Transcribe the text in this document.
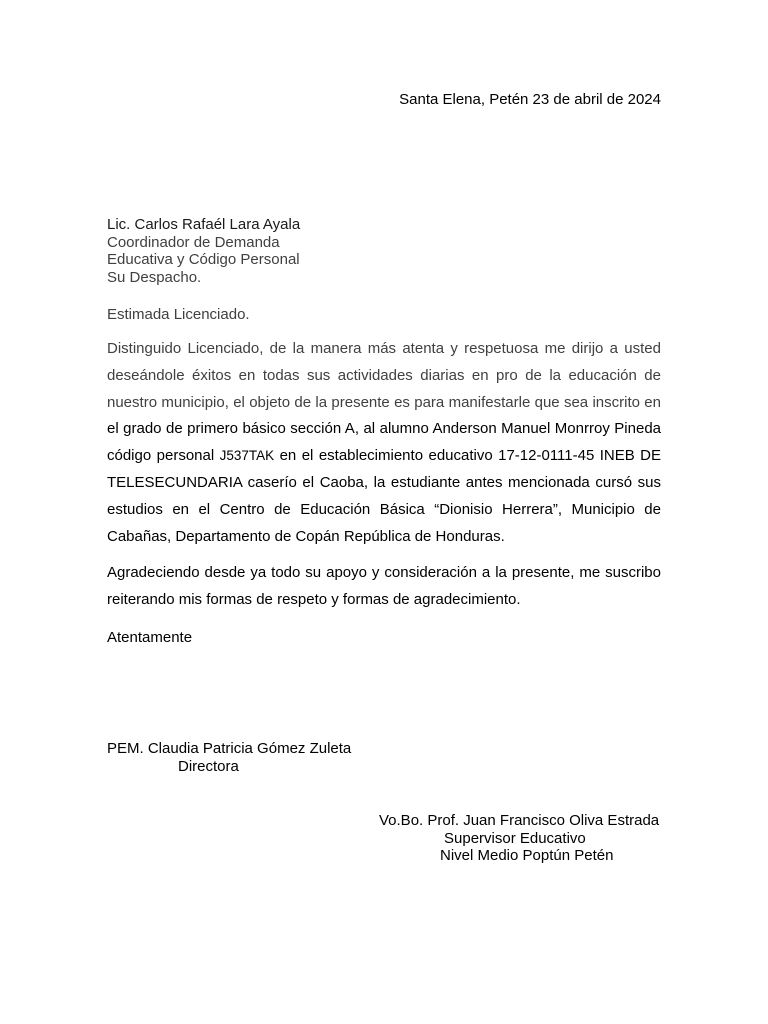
Santa Elena, Petén 23 de abril de 2024
Lic. Carlos Rafaél Lara Ayala
Coordinador de Demanda
Educativa y Código Personal
Su Despacho.
Estimada Licenciado.

Distinguido Licenciado, de la manera más atenta y respetuosa me dirijo a usted deseándole éxitos en todas sus actividades diarias en pro de la educación de nuestro municipio, el objeto de la presente es para manifestarle que sea inscrito en el grado de primero básico sección A, al alumno Anderson Manuel Monrroy Pineda código personal J537TAK en el establecimiento educativo 17-12-0111-45 INEB DE TELESECUNDARIA caserío el Caoba, la estudiante antes mencionada cursó sus estudios en el Centro de Educación Básica “Dionisio Herrera”, Municipio de Cabañas, Departamento de Copán República de Honduras.

Agradeciendo desde ya todo su apoyo y consideración a la presente, me suscribo reiterando mis formas de respeto y formas de agradecimiento.

Atentamente
PEM. Claudia Patricia Gómez Zuleta
Directora
Vo.Bo. Prof. Juan Francisco Oliva Estrada
Supervisor Educativo
Nivel Medio Poptún Petén
